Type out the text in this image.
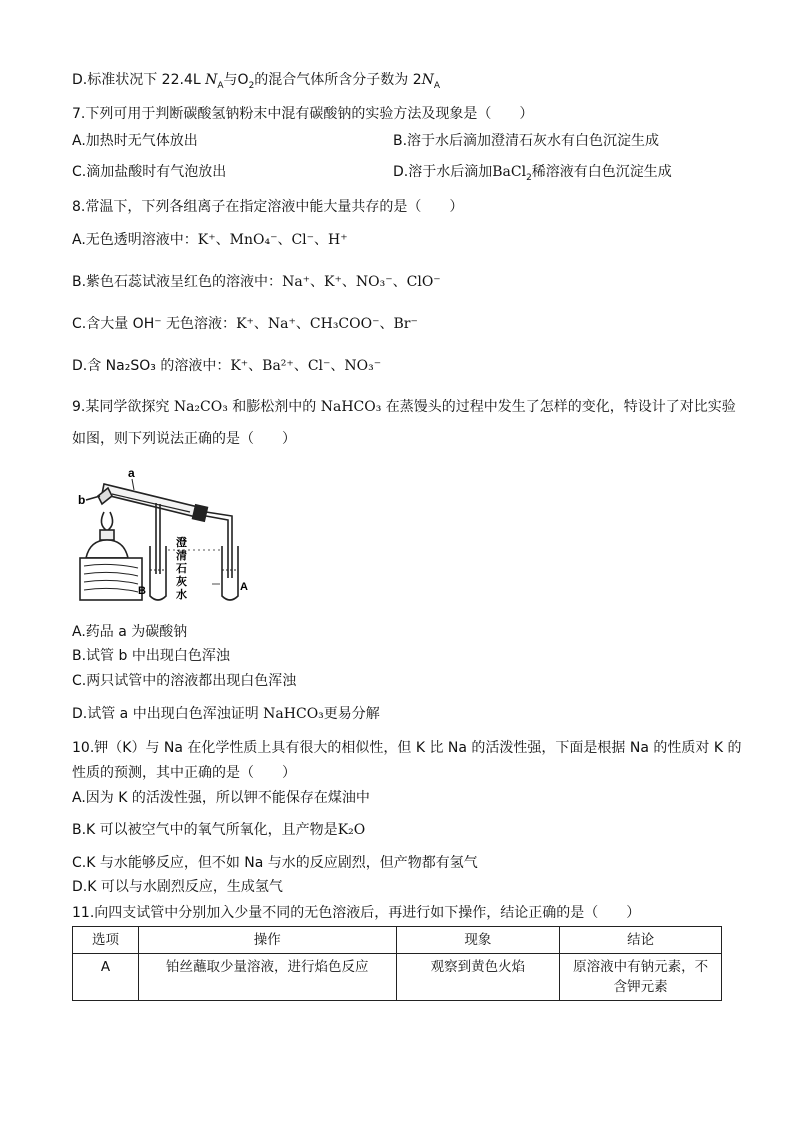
D.标准状况下 22.4L $N_A$与$O_2$的混合气体所含分子数为 $2N_A$
7.下列可用于判断碳酸氢钠粉末中混有碳酸钠的实验方法及现象是（　　）
A.加热时无气体放出	B.溶于水后滴加澄清石灰水有白色沉淀生成
C.滴加盐酸时有气泡放出	D.溶于水后滴加BaCl$_2$稀溶液有白色沉淀生成
8.常温下，下列各组离子在指定溶液中能大量共存的是（　　）
A.无色透明溶液中：K⁺、MnO₄⁻、Cl⁻、H⁺
B.紫色石蕊试液呈红色的溶液中：Na⁺、K⁺、NO₃⁻、ClO⁻
C.含大量 OH⁻ 无色溶液：K⁺、Na⁺、CH₃COO⁻、Br⁻
D.含 Na₂SO₃ 的溶液中：K⁺、Ba²⁺、Cl⁻、NO₃⁻
9.某同学欲探究 Na₂CO₃ 和膨松剂中的 NaHCO₃ 在蒸馒头的过程中发生了怎样的变化，特设计了对比实验
如图，则下列说法正确的是（　　）
a
b
B	A
澄
清
石
灰
水
A.药品 a 为碳酸钠
B.试管 b 中出现白色浑浊
C.两只试管中的溶液都出现白色浑浊
D.试管 a 中出现白色浑浊证明 NaHCO₃更易分解
10.钾（K）与 Na 在化学性质上具有很大的相似性，但 K 比 Na 的活泼性强，下面是根据 Na 的性质对 K 的
性质的预测，其中正确的是（　　）
A.因为 K 的活泼性强，所以钾不能保存在煤油中
B.K 可以被空气中的氧气所氧化，且产物是K₂O
C.K 与水能够反应，但不如 Na 与水的反应剧烈，但产物都有氢气
D.K 可以与水剧烈反应，生成氢气
11.向四支试管中分别加入少量不同的无色溶液后，再进行如下操作，结论正确的是（　　）
选项	操作	现象	结论
A	铂丝蘸取少量溶液，进行焰色反应	观察到黄色火焰	原溶液中有钠元素，不
含钾元素
